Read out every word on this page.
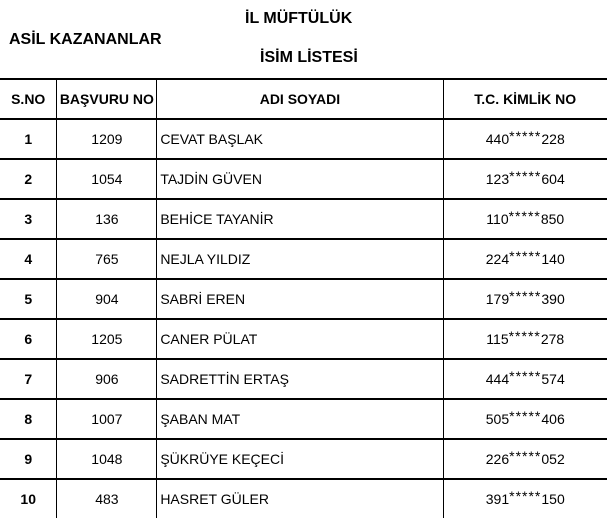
ASİL KAZANANLAR
İL MÜFTÜLÜK
İSİM LİSTESİ
S.NO	BAŞVURU NO	ADI SOYADI	T.C. KİMLİK NO
1	1209	CEVAT BAŞLAK	440*****228
2	1054	TAJDİN GÜVEN	123*****604
3	136	BEHİCE TAYANİR	110*****850
4	765	NEJLA YILDIZ	224*****140
5	904	SABRİ EREN	179*****390
6	1205	CANER PÜLAT	115*****278
7	906	SADRETTİN ERTAŞ	444*****574
8	1007	ŞABAN MAT	505*****406
9	1048	ŞÜKRÜYE KEÇECİ	226*****052
10	483	HASRET GÜLER	391*****150
